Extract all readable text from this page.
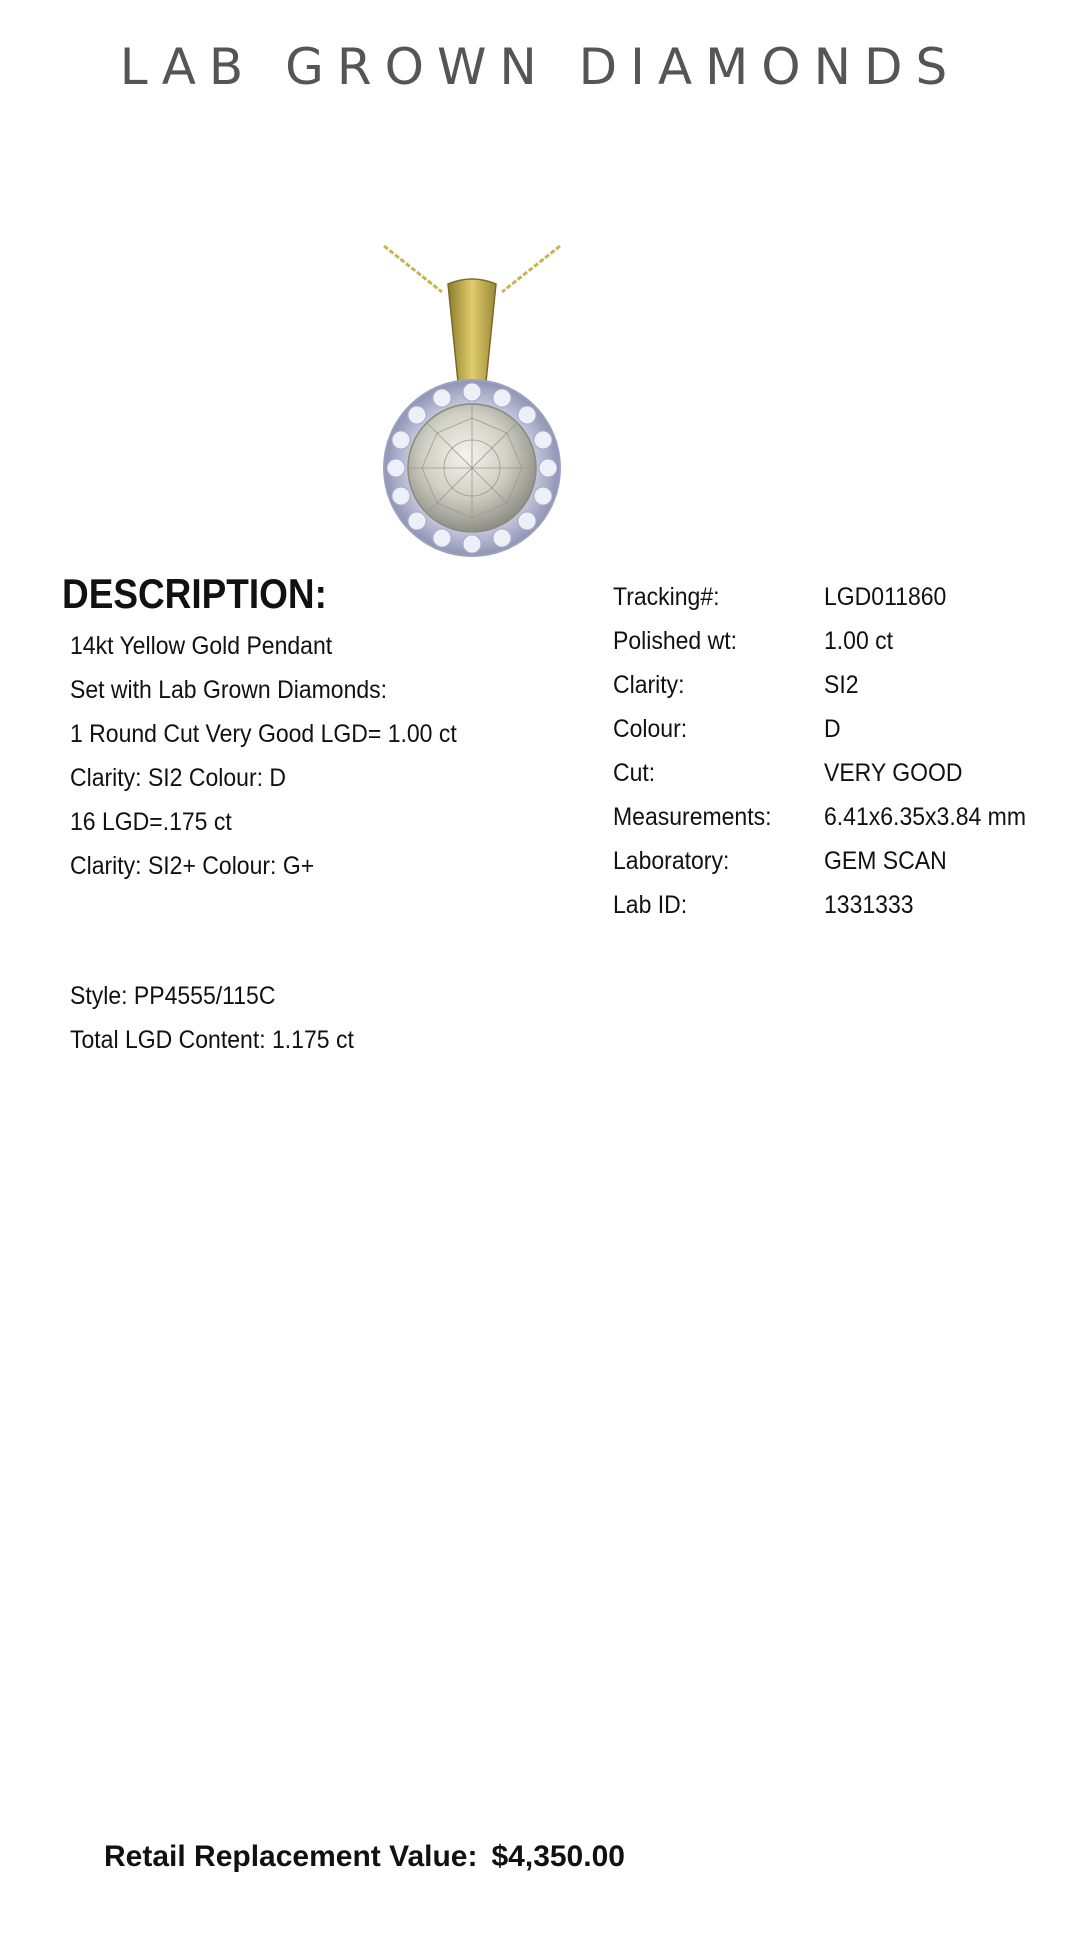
LAB GROWN DIAMONDS
DESCRIPTION:
14kt Yellow Gold Pendant
Set with Lab Grown Diamonds:
1 Round Cut Very Good LGD= 1.00 ct
Clarity: SI2 Colour: D
16 LGD=.175 ct
Clarity: SI2+ Colour: G+
Style: PP4555/115C
Total LGD Content: 1.175 ct
Tracking#:	LGD011860
Polished wt:	1.00 ct
Clarity:	SI2
Colour:	D
Cut:	VERY GOOD
Measurements: 6.41x6.35x3.84 mm
Laboratory:	GEM SCAN
Lab ID:	1331333
Retail Replacement Value: $4,350.00
